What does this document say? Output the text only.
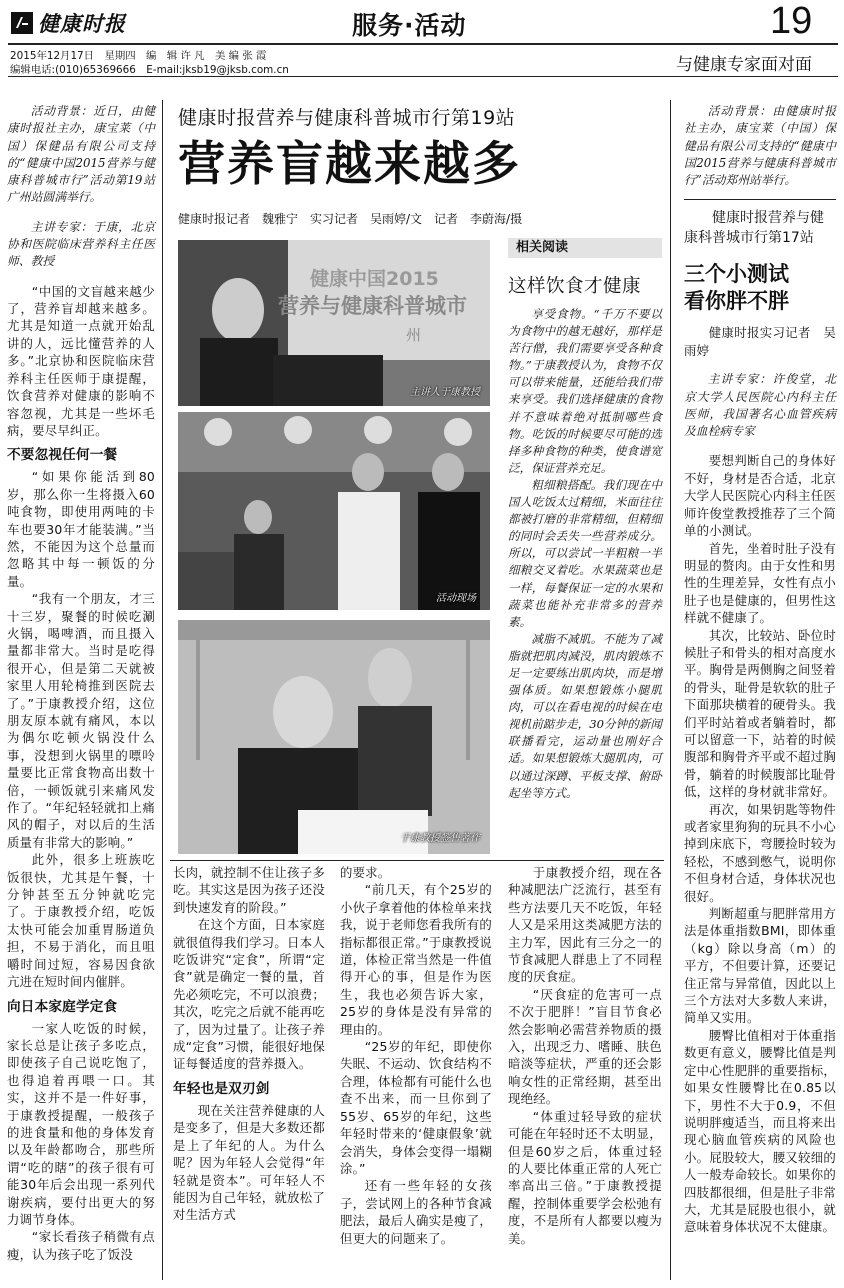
健康时报	服务·活动	19
2015年12月17日　星期四　编　辑 许 凡　美 编 张 霞
编辑电话:(010)65369666　E-mail:jksb19@jksb.com.cn	与健康专家面对面

活动背景：近日，由健康时报社主办，康宝莱（中国）保健品有限公司支持的“健康中国2015营养与健康科普城市行”活动第19站广州站圆满举行。

主讲专家：于康，北京协和医院临床营养科主任医师、教授

“中国的文盲越来越少了，营养盲却越来越多。尤其是知道一点就开始乱讲的人，远比懂营养的人多。”北京协和医院临床营养科主任医师于康提醒，饮食营养对健康的影响不容忽视，尤其是一些坏毛病，要尽早纠正。

不要忽视任何一餐

“如果你能活到80岁，那么你一生将摄入60吨食物，即使用两吨的卡车也要30年才能装满。”当然，不能因为这个总量而忽略其中每一顿饭的分量。

“我有一个朋友，才三十三岁，聚餐的时候吃涮火锅，喝啤酒，而且摄入量都非常大。当时是吃得很开心，但是第二天就被家里人用轮椅推到医院去了。”于康教授介绍，这位朋友原本就有痛风，本以为偶尔吃顿火锅没什么事，没想到火锅里的嘌呤量要比正常食物高出数十倍，一顿饭就引来痛风发作了。“年纪轻轻就扣上痛风的帽子，对以后的生活质量有非常大的影响。”

此外，很多上班族吃饭很快，尤其是午餐，十分钟甚至五分钟就吃完了。于康教授介绍，吃饭太快可能会加重胃肠道负担，不易于消化，而且咀嚼时间过短，容易因食欲亢进在短时间内催胖。

向日本家庭学定食

一家人吃饭的时候，家长总是让孩子多吃点，即使孩子自己说吃饱了，也得追着再喂一口。其实，这并不是一件好事，于康教授提醒，一般孩子的进食量和他的身体发育以及年龄都吻合，那些所谓“吃的瞎”的孩子很有可能30年后会出现一系列代谢疾病，要付出更大的努力调节身体。

“家长看孩子稍微有点瘦，认为孩子吃了饭没

健康时报营养与健康科普城市行第19站
营养盲越来越多
健康时报记者　魏雅宁　实习记者　吴雨婷/文　记者　李蔚海/摄
健康中国2015
营养与健康科普城市
州
主讲人于康教授
活动现场
于康教授签售著作
相关阅读
这样饮食才健康

享受食物。“千万不要以为食物中的越无越好，那样是苦行僧，我们需要享受各种食物。”于康教授认为，食物不仅可以带来能量，还能给我们带来享受。我们选择健康的食物并不意味着绝对抵制哪些食物。吃饭的时候要尽可能的选择多种食物的种类，使食谱宽泛，保证营养充足。

粗细粮搭配。我们现在中国人吃饭太过精细，米面往往都被打磨的非常精细，但精细的同时会丢失一些营养成分。所以，可以尝试一半粗粮一半细粮交叉着吃。水果蔬菜也是一样，每餐保证一定的水果和蔬菜也能补充非常多的营养素。

减脂不减肌。不能为了减脂就把肌肉减没，肌肉锻炼不足一定要练出肌肉块，而是增强体质。如果想锻炼小腿肌肉，可以在看电视的时候在电视机前踮步走，30分钟的新闻联播看完，运动量也刚好合适。如果想锻炼大腿肌肉，可以通过深蹲、平板支撑、俯卧起坐等方式。

长肉，就控制不住让孩子多吃。其实这是因为孩子还没到快速发育的阶段。”

在这个方面，日本家庭就很值得我们学习。日本人吃饭讲究“定食”，所谓“定食”就是确定一餐的量，首先必须吃完，不可以浪费；其次，吃完之后就不能再吃了，因为过量了。让孩子养成“定食”习惯，能很好地保证每餐适度的营养摄入。

年轻也是双刃剑

现在关注营养健康的人是变多了，但是大多数还都是上了年纪的人。为什么呢？因为年轻人会觉得“年轻就是资本”。可年轻人不能因为自己年轻，就放松了对生活方式

的要求。

“前几天，有个25岁的小伙子拿着他的体检单来找我，说于老师您看我所有的指标都很正常。”于康教授说道，体检正常当然是一件值得开心的事，但是作为医生，我也必须告诉大家，25岁的身体是没有异常的理由的。

“25岁的年纪，即使你失眠、不运动、饮食结构不合理，体检都有可能什么也查不出来，而一旦你到了55岁、65岁的年纪，这些年轻时带来的‘健康假象’就会消失，身体会变得一塌糊涂。”

还有一些年轻的女孩子，尝试网上的各种节食减肥法，最后人确实是瘦了，但更大的问题来了。

于康教授介绍，现在各种减肥法广泛流行，甚至有些方法要几天不吃饭，年轻人又是采用这类减肥方法的主力军，因此有三分之一的节食减肥人群患上了不同程度的厌食症。

“厌食症的危害可一点不次于肥胖！”盲目节食必然会影响必需营养物质的摄入，出现乏力、嗜睡、肤色暗淡等症状，严重的还会影响女性的正常经期，甚至出现绝经。

“体重过轻导致的症状可能在年轻时还不太明显，但是60岁之后，体重过轻的人要比体重正常的人死亡率高出三倍。”于康教授提醒，控制体重要学会松弛有度，不是所有人都要以瘦为美。

活动背景：由健康时报社主办，康宝莱（中国）保健品有限公司支持的“健康中国2015营养与健康科普城市行”活动郑州站举行。

健康时报营养与健康科普城市行第17站
三个小测试
看你胖不胖

健康时报实习记者　吴雨婷

主讲专家：许俊堂，北京大学人民医院心内科主任医师，我国著名心血管疾病及血栓病专家

要想判断自己的身体好不好，身材是否合适，北京大学人民医院心内科主任医师许俊堂教授推荐了三个简单的小测试。

首先，坐着时肚子没有明显的赘肉。由于女性和男性的生理差异，女性有点小肚子也是健康的，但男性这样就不健康了。

其次，比较站、卧位时候肚子和骨头的相对高度水平。胸骨是两侧胸之间竖着的骨头，耻骨是软软的肚子下面那块横着的硬骨头。我们平时站着或者躺着时，都可以留意一下，站着的时候腹部和胸骨齐平或不超过胸骨，躺着的时候腹部比耻骨低，这样的身材就非常好。

再次，如果钥匙等物件或者家里狗狗的玩具不小心掉到床底下，弯腰捡时较为轻松，不感到憋气，说明你不但身材合适，身体状况也很好。

判断超重与肥胖常用方法是体重指数BMI，即体重（kg）除以身高（m）的平方，不但要计算，还要记住正常与异常值，因此以上三个方法对大多数人来讲，简单又实用。

腰臀比值相对于体重指数更有意义，腰臀比值是判定中心性肥胖的重要指标，如果女性腰臀比在0.85以下，男性不大于0.9，不但说明胖瘦适当，而且将来出现心脑血管疾病的风险也小。屁股较大，腰又较细的人一般寿命较长。如果你的四肢都很细，但是肚子非常大，尤其是屁股也很小，就意味着身体状况不太健康。
